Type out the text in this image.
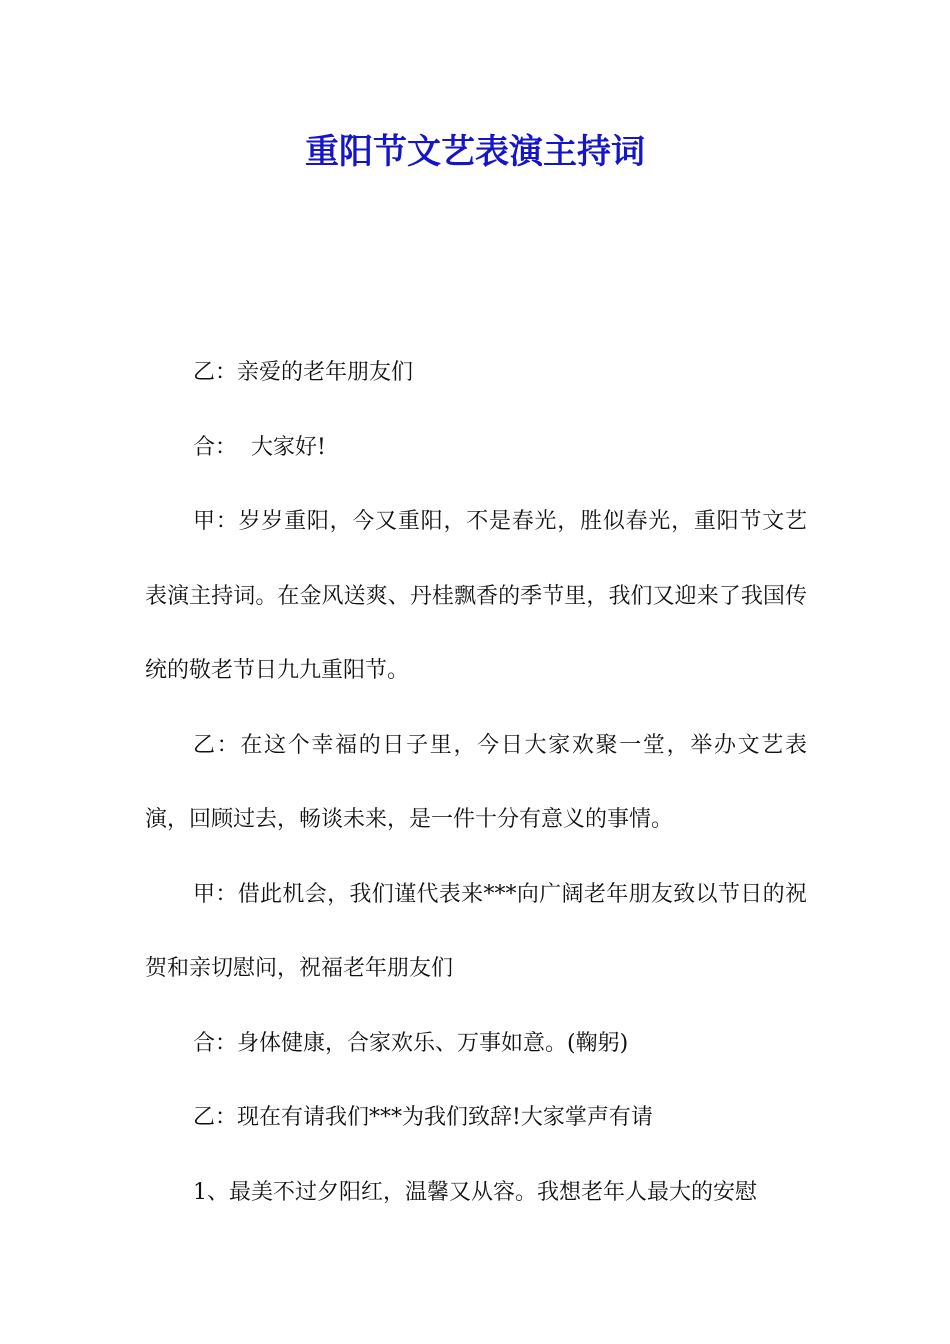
重阳节文艺表演主持词

乙：亲爱的老年朋友们

合：  大家好!

甲：岁岁重阳，今又重阳，不是春光，胜似春光，重阳节文艺表演主持词。在金风送爽、丹桂飘香的季节里，我们又迎来了我国传统的敬老节日九九重阳节。

乙：在这个幸福的日子里，今日大家欢聚一堂，举办文艺表演，回顾过去，畅谈未来，是一件十分有意义的事情。

甲：借此机会，我们谨代表来***向广阔老年朋友致以节日的祝贺和亲切慰问，祝福老年朋友们

合：身体健康，合家欢乐、万事如意。(鞠躬)

乙：现在有请我们***为我们致辞!大家掌声有请

1、最美不过夕阳红，温馨又从容。我想老年人最大的安慰
